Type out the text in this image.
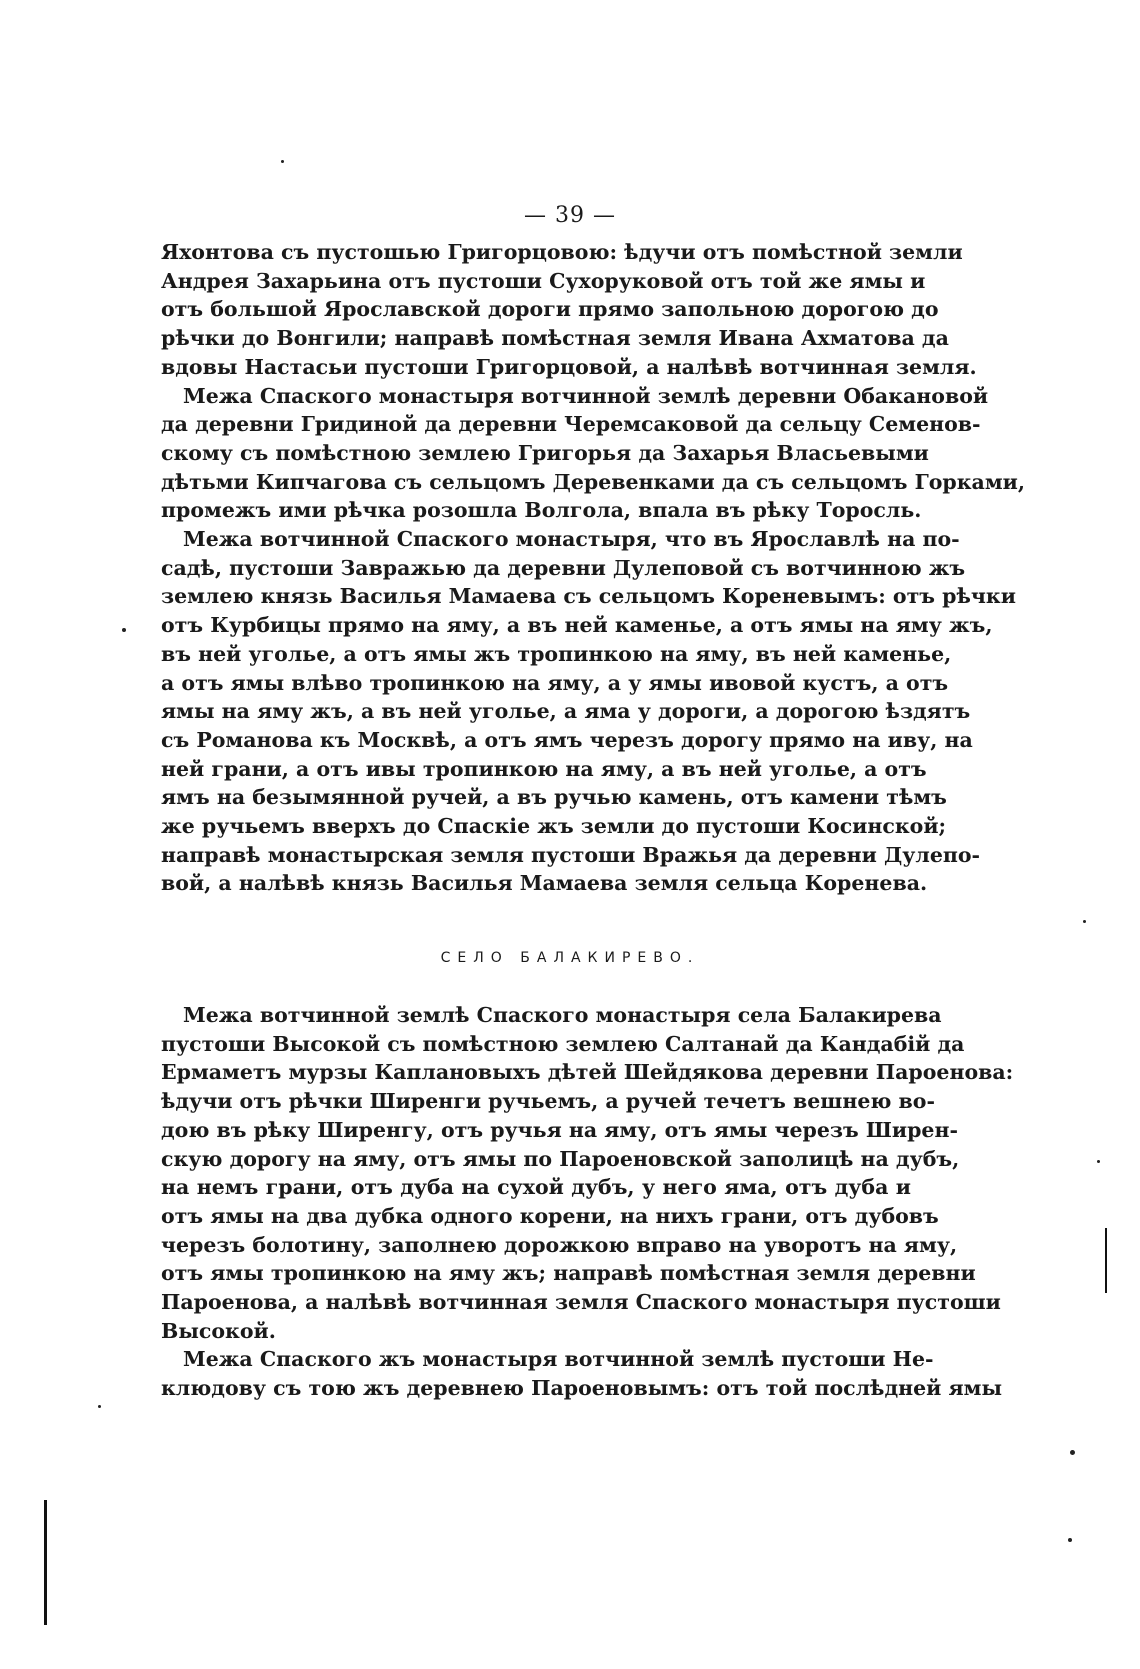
— 39 —
Яхонтова съ пустошью Григорцовою: ѣдучи отъ помѣстной земли
Андрея Захарьина отъ пустоши Сухоруковой отъ той же ямы и
отъ большой Ярославской дороги прямо запольною дорогою до
рѣчки до Вонгили; направѣ помѣстная земля Ивана Ахматова да
вдовы Настасьи пустоши Григорцовой, а налѣвѣ вотчинная земля.
Межа Спаского монастыря вотчинной землѣ деревни Обакановой
да деревни Гридиной да деревни Черемсаковой да сельцу Семенов-
скому съ помѣстною землею Григорья да Захарья Власьевыми
дѣтьми Кипчагова съ сельцомъ Деревенками да съ сельцомъ Горками,
промежъ ими рѣчка розошла Волгола, впала въ рѣку Торосль.
Межа вотчинной Спаского монастыря, что въ Ярославлѣ на по-
садѣ, пустоши Завражью да деревни Дулеповой съ вотчинною жъ
землею князь Василья Мамаева съ сельцомъ Кореневымъ: отъ рѣчки
отъ Курбицы прямо на яму, а въ ней каменье, а отъ ямы на яму жъ,
въ ней уголье, а отъ ямы жъ тропинкою на яму, въ ней каменье,
а отъ ямы влѣво тропинкою на яму, а у ямы ивовой кустъ, а отъ
ямы на яму жъ, а въ ней уголье, а яма у дороги, а дорогою ѣздятъ
съ Романова къ Москвѣ, а отъ ямъ черезъ дорогу прямо на иву, на
ней грани, а отъ ивы тропинкою на яму, а въ ней уголье, а отъ
ямъ на безымянной ручей, а въ ручью камень, отъ камени тѣмъ
же ручьемъ вверхъ до Спаскіе жъ земли до пустоши Косинской;
направѣ монастырская земля пустоши Вражья да деревни Дулепо-
вой, а налѣвѣ князь Василья Мамаева земля сельца Коренева.
СЕЛО БАЛАКИРЕВО.
Межа вотчинной землѣ Спаского монастыря села Балакирева
пустоши Высокой съ помѣстною землею Салтанай да Кандабій да
Ермаметъ мурзы Каплановыхъ дѣтей Шейдякова деревни Пароенова:
ѣдучи отъ рѣчки Ширенги ручьемъ, а ручей течетъ вешнею во-
дою въ рѣку Ширенгу, отъ ручья на яму, отъ ямы черезъ Ширен-
скую дорогу на яму, отъ ямы по Пароеновской заполицѣ на дубъ,
на немъ грани, отъ дуба на сухой дубъ, у него яма, отъ дуба и
отъ ямы на два дубка одного корени, на нихъ грани, отъ дубовъ
черезъ болотину, заполнею дорожкою вправо на уворотъ на яму,
отъ ямы тропинкою на яму жъ; направѣ помѣстная земля деревни
Пароенова, а налѣвѣ вотчинная земля Спаского монастыря пустоши
Высокой.
Межа Спаского жъ монастыря вотчинной землѣ пустоши Не-
клюдову съ тою жъ деревнею Пароеновымъ: отъ той послѣдней ямы
